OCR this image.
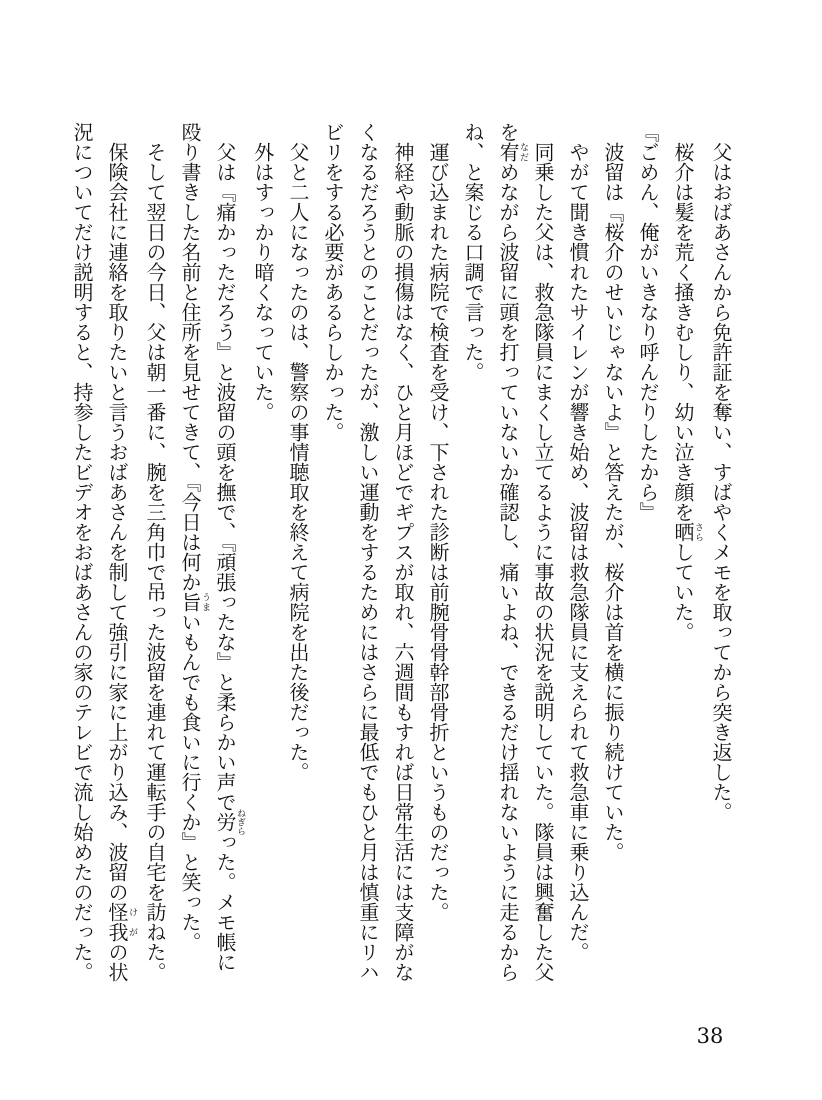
父はおばあさんから免許証を奪い、すばやくメモを取ってから突き返した。

桜介は髪を荒く掻きむしり、幼い泣き顔を晒さらしていた。

『ごめん、俺がいきなり呼んだりしたから』

波留は『桜介のせいじゃないよ』と答えたが、桜介は首を横に振り続けていた。

やがて聞き慣れたサイレンが響き始め、波留は救急隊員に支えられて救急車に乗り込んだ。

同乗した父は、救急隊員にまくし立てるように事故の状況を説明していた。隊員は興奮した父を宥なだめながら波留に頭を打っていないか確認し、痛いよね、できるだけ揺れないように走るからね、と案じる口調で言った。

運び込まれた病院で検査を受け、下された診断は前腕骨骨幹部骨折というものだった。

神経や動脈の損傷はなく、ひと月ほどでギプスが取れ、六週間もすれば日常生活には支障がなくなるだろうとのことだったが、激しい運動をするためにはさらに最低でもひと月は慎重にリハビリをする必要があるらしかった。

父と二人になったのは、警察の事情聴取を終えて病院を出た後だった。

外はすっかり暗くなっていた。

父は『痛かっただろう』と波留の頭を撫で、『頑張ったな』と柔らかい声で労ねぎらった。メモ帳に殴り書きした名前と住所を見せてきて、『今日は何か旨うまいもんでも食いに行くか』と笑った。

そして翌日の今日、父は朝一番に、腕を三角巾で吊った波留を連れて運転手の自宅を訪ねた。

保険会社に連絡を取りたいと言うおばあさんを制して強引に家に上がり込み、波留の怪我けがの状況についてだけ説明すると、持参したビデオをおばあさんの家のテレビで流し始めたのだった。

38
